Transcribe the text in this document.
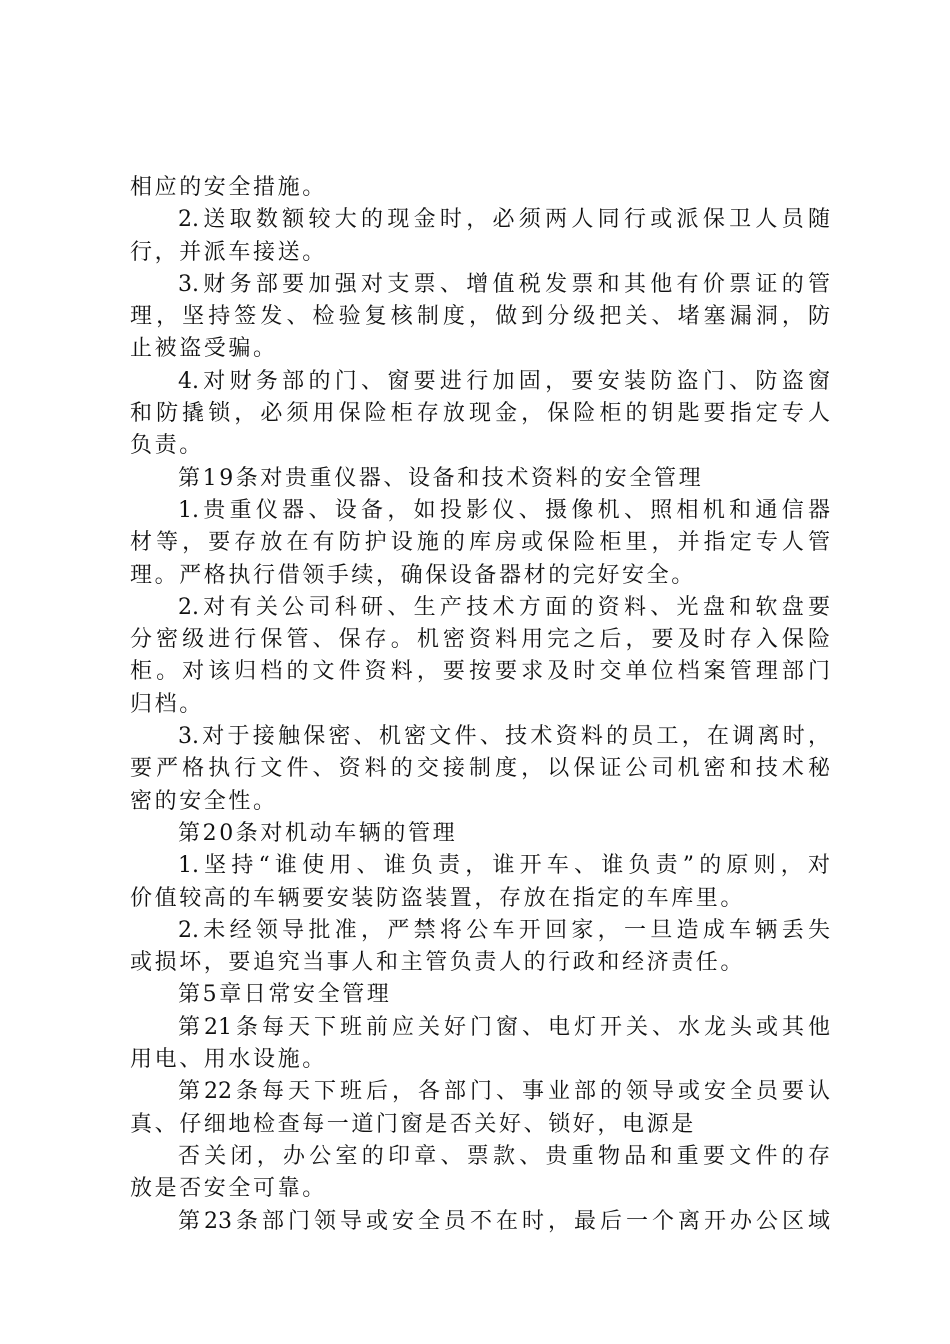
相应的安全措施。
2.送取数额较大的现金时，必须两人同行或派保卫人员随
行，并派车接送。
3.财务部要加强对支票、增值税发票和其他有价票证的管
理，坚持签发、检验复核制度，做到分级把关、堵塞漏洞，防
止被盗受骗。
4.对财务部的门、窗要进行加固，要安装防盗门、防盗窗
和防撬锁，必须用保险柜存放现金，保险柜的钥匙要指定专人
负责。
第19条对贵重仪器、设备和技术资料的安全管理
1.贵重仪器、设备，如投影仪、摄像机、照相机和通信器
材等，要存放在有防护设施的库房或保险柜里，并指定专人管
理。严格执行借领手续，确保设备器材的完好安全。
2.对有关公司科研、生产技术方面的资料、光盘和软盘要
分密级进行保管、保存。机密资料用完之后，要及时存入保险
柜。对该归档的文件资料，要按要求及时交单位档案管理部门
归档。
3.对于接触保密、机密文件、技术资料的员工，在调离时，
要严格执行文件、资料的交接制度，以保证公司机密和技术秘
密的安全性。
第20条对机动车辆的管理
1.坚持“谁使用、谁负责，谁开车、谁负责”的原则，对
价值较高的车辆要安装防盗装置，存放在指定的车库里。
2.未经领导批准，严禁将公车开回家，一旦造成车辆丢失
或损坏，要追究当事人和主管负责人的行政和经济责任。
第5章日常安全管理
第21条每天下班前应关好门窗、电灯开关、水龙头或其他
用电、用水设施。
第22条每天下班后，各部门、事业部的领导或安全员要认
真、仔细地检查每一道门窗是否关好、锁好，电源是
否关闭，办公室的印章、票款、贵重物品和重要文件的存
放是否安全可靠。
第23条部门领导或安全员不在时，最后一个离开办公区域
